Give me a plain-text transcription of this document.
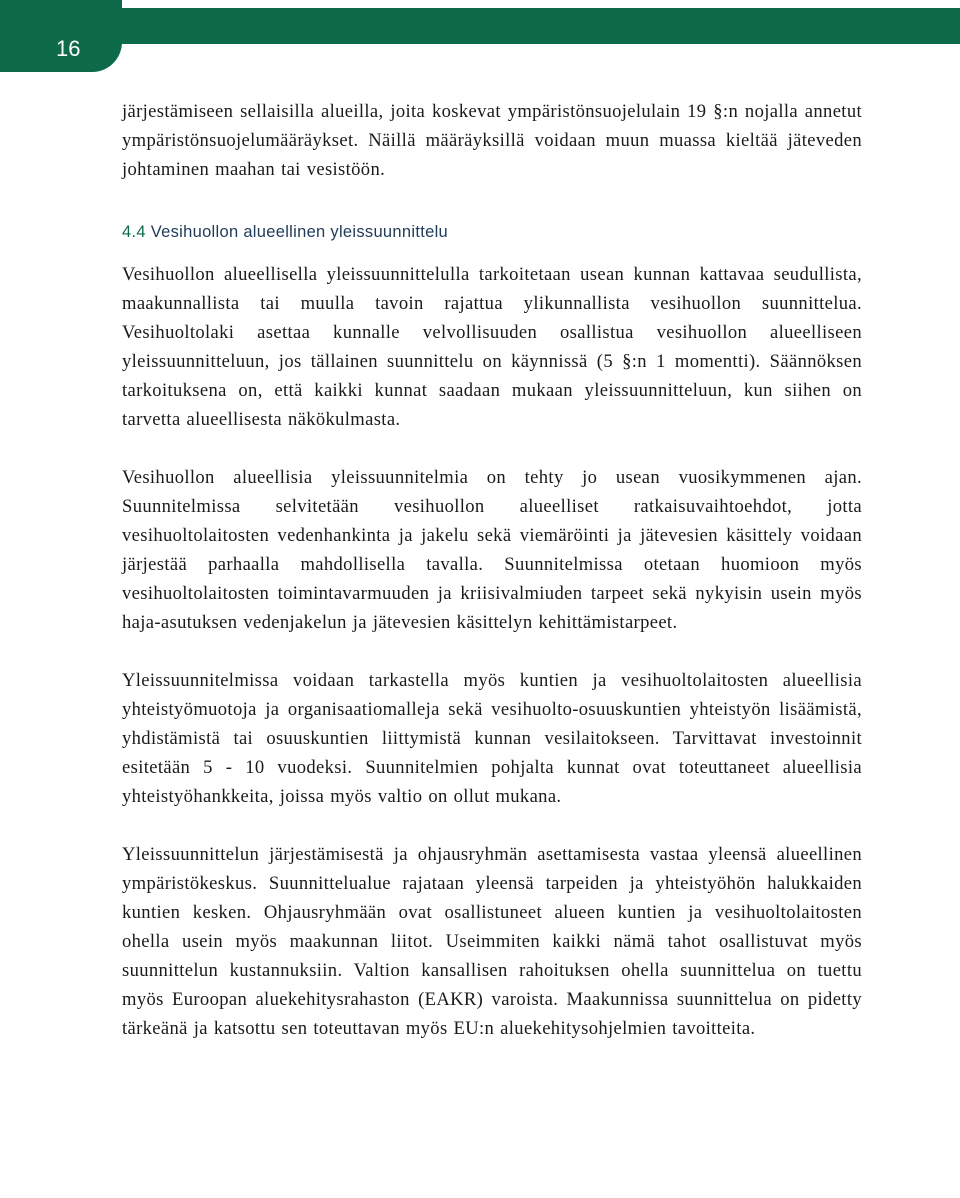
16

järjestämiseen sellaisilla alueilla, joita koskevat ympäristönsuojelulain 19 §:n nojalla annetut ympäristönsuojelumääräykset. Näillä määräyksillä voidaan muun muassa kieltää jäteveden johtaminen maahan tai vesistöön.

4.4 Vesihuollon alueellinen yleissuunnittelu

Vesihuollon alueellisella yleissuunnittelulla tarkoitetaan usean kunnan kattavaa seudullista, maakunnallista tai muulla tavoin rajattua ylikunnallista vesihuollon suunnittelua. Vesihuoltolaki asettaa kunnalle velvollisuuden osallistua vesihuollon alueelliseen yleissuunnitteluun, jos tällainen suunnittelu on käynnissä (5 §:n 1 momentti). Säännöksen tarkoituksena on, että kaikki kunnat saadaan mukaan yleissuunnitteluun, kun siihen on tarvetta alueellisesta näkökulmasta.

Vesihuollon alueellisia yleissuunnitelmia on tehty jo usean vuosikymmenen ajan. Suunnitelmissa selvitetään vesihuollon alueelliset ratkaisuvaihtoehdot, jotta vesihuoltolaitosten vedenhankinta ja jakelu sekä viemäröinti ja jätevesien käsittely voidaan järjestää parhaalla mahdollisella tavalla. Suunnitelmissa otetaan huomioon myös vesihuoltolaitosten toimintavarmuuden ja kriisivalmiuden tarpeet sekä nykyisin usein myös haja-asutuksen vedenjakelun ja jätevesien käsittelyn kehittämistarpeet.

Yleissuunnitelmissa voidaan tarkastella myös kuntien ja vesihuoltolaitosten alueellisia yhteistyömuotoja ja organisaatiomalleja sekä vesihuolto-osuuskuntien yhteistyön lisäämistä, yhdistämistä tai osuuskuntien liittymistä kunnan vesilaitokseen. Tarvittavat investoinnit esitetään 5 - 10 vuodeksi. Suunnitelmien pohjalta kunnat ovat toteuttaneet alueellisia yhteistyöhankkeita, joissa myös valtio on ollut mukana.

Yleissuunnittelun järjestämisestä ja ohjausryhmän asettamisesta vastaa yleensä alueellinen ympäristökeskus. Suunnittelualue rajataan yleensä tarpeiden ja yhteistyöhön halukkaiden kuntien kesken. Ohjausryhmään ovat osallistuneet alueen kuntien ja vesihuoltolaitosten ohella usein myös maakunnan liitot. Useimmiten kaikki nämä tahot osallistuvat myös suunnittelun kustannuksiin. Valtion kansallisen rahoituksen ohella suunnittelua on tuettu myös Euroopan aluekehitysrahaston (EAKR) varoista. Maakunnissa suunnittelua on pidetty tärkeänä ja katsottu sen toteuttavan myös EU:n aluekehitysohjelmien tavoitteita.
